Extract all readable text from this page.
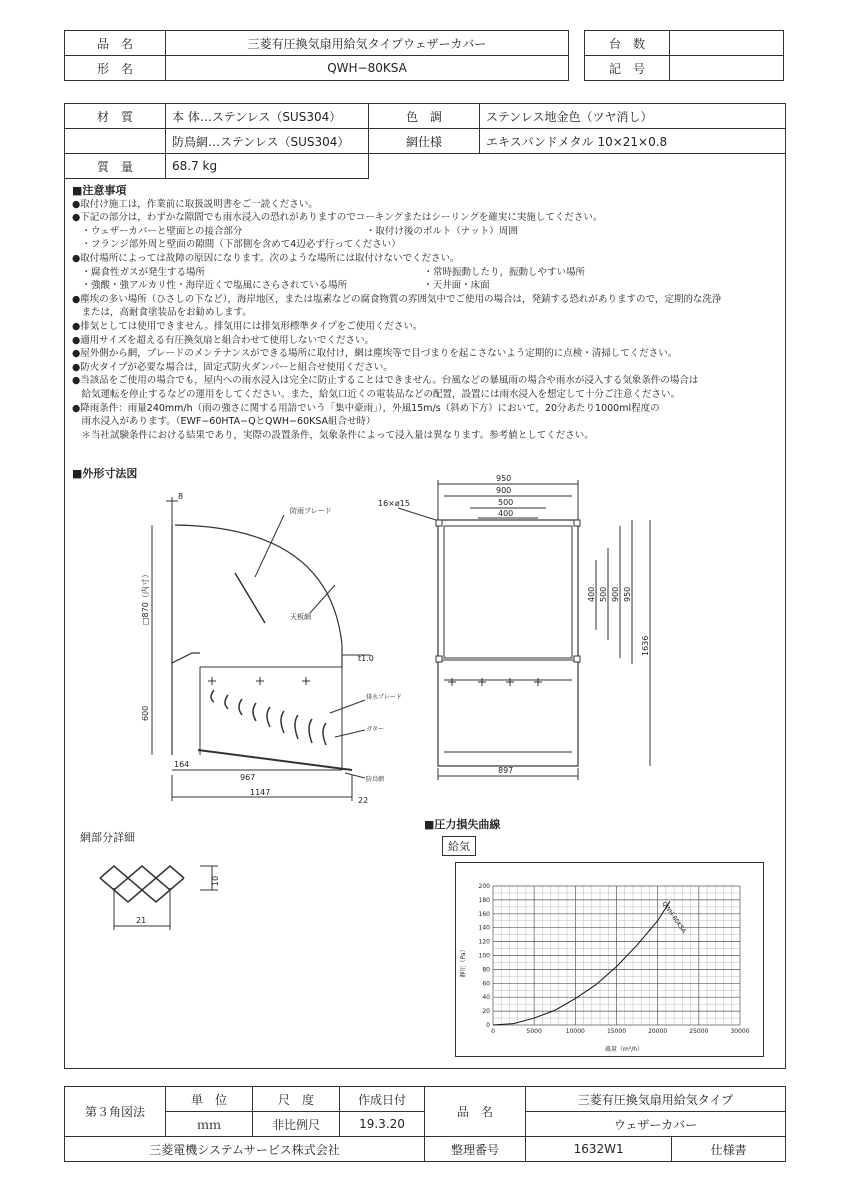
品　名	三菱有圧換気扇用給気タイプウェザーカバー
形　名	QWH−80KSA
台　数	
記　号	
材　質	本 体…ステンレス（SUS304）	色　調	ステンレス地金色（ツヤ消し）
	防鳥網…ステンレス（SUS304）	網仕様	エキスパンドメタル 10×21×0.8
質　量	68.7 kg		
■注意事項
●取付け施工は，作業前に取扱説明書をご一読ください。
●下記の部分は，わずかな隙間でも雨水浸入の恐れがありますのでコーキングまたはシーリングを確実に実施してください。
　・ウェザーカバーと壁面との接合部分　　　　　　　　　　　　　・取付け後のボルト（ナット）周囲
　・フランジ部外周と壁面の隙間（下部側を含めて4辺必ず行ってください）
●取付場所によっては故障の原因になります。次のような場所には取付けないでください。
　・腐食性ガスが発生する場所　　　　　　　　　　　　　　　　　　　　　　　・常時振動したり，振動しやすい場所
　・強酸・強アルカリ性・海岸近くで塩風にさらされている場所　　　　　　　　・天井面・床面
●塵埃の多い場所（ひさしの下など），海岸地区，または塩素などの腐食物質の雰囲気中でご使用の場合は，発錆する恐れがありますので，定期的な洗浄
　または，高耐食塗装品をお勧めします。
●排気としては使用できません。排気用には排気形標準タイプをご使用ください。
●適用サイズを超える有圧換気扇と組合わせて使用しないでください。
●屋外側から網，ブレードのメンテナンスができる場所に取付け，網は塵埃等で目づまりを起こさないよう定期的に点検・清掃してください。
●防火タイプが必要な場合は，固定式防火ダンパーと組合せ使用ください。
●当該品をご使用の場合でも，屋内への雨水浸入は完全に防止することはできません。台風などの暴風雨の場合や雨水が浸入する気象条件の場合は
　給気運転を停止するなどの運用をしてください。また，給気口近くの電装品などの配置，設置には雨水浸入を想定して十分ご注意ください。
●降雨条件：雨量240mm/h（雨の強さに関する用語でいう「集中豪雨」），外風15m/s（斜め下方）において，20分あたり1000ml程度の
　雨水浸入があります。（EWF−60HTA−QとQWH−60KSA組合せ時）
　＊当社試験条件における結果であり，実際の設置条件，気象条件によって浸入量は異なります。参考値としてください。
■外形寸法図
8
防雨ブレード
天板網
□870（内寸）
t1.0
600
排水ブレード
ガター
164
967	防鳥網
1147
22
16×ø15
950
900
500
400
400 500 900 950
1636
897
網部分詳細
10
21
■圧力損失曲線
給気
0	5000	10000	15000	20000	25000	30000
0
20
40
60
80
100
120
140
160
180
200
QWH-80KSA
風量（m³/h）
静圧（Pa）
第３角図法	単　位	尺　度	作成日付	品　名	三菱有圧換気扇用給気タイプ	
	ｍｍ	非比例尺	19.3.20		ウェザーカバー	
三菱電機システムサービス株式会社				整理番号	1632W1	仕様書
